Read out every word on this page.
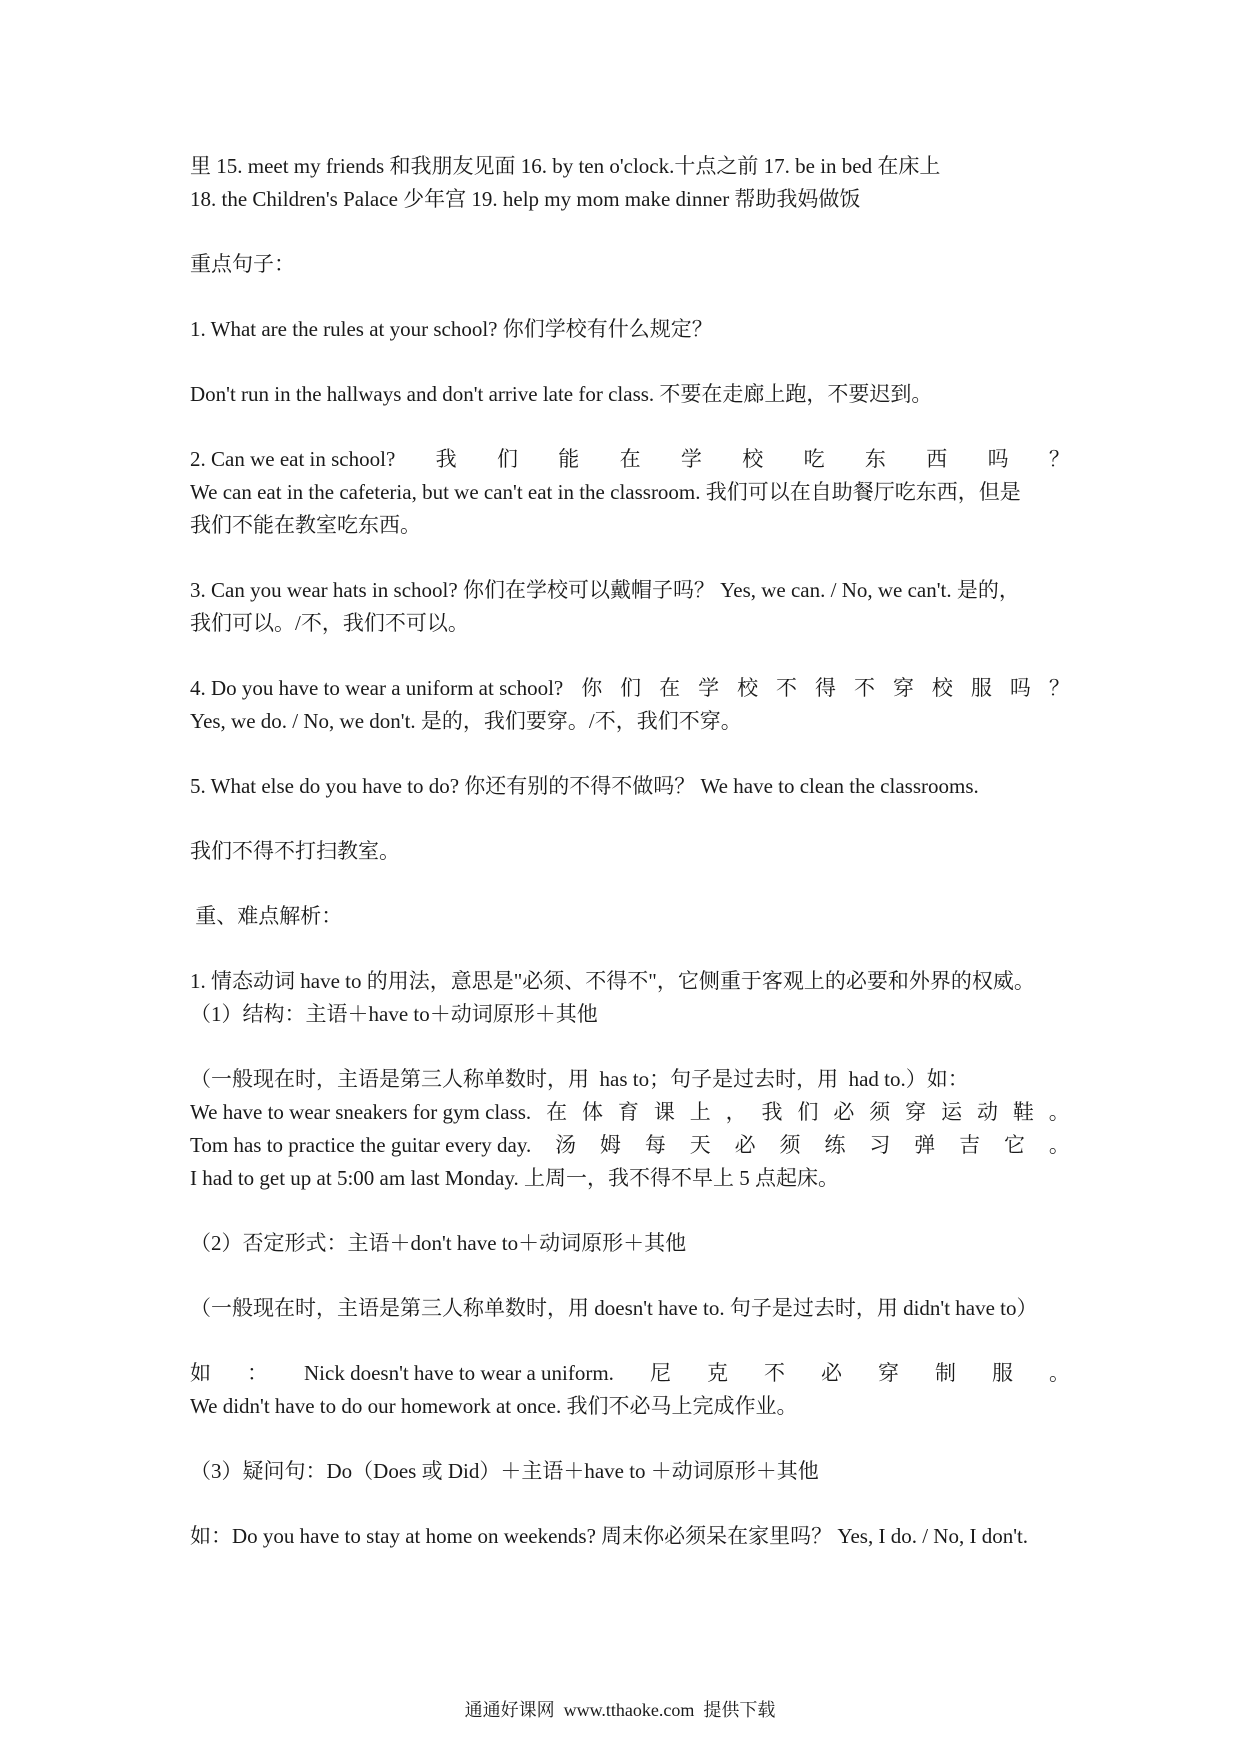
里 15. meet my friends 和我朋友见面 16. by ten o'clock.十点之前 17. be in bed 在床上
18. the Children's Palace 少年宫 19. help my mom make dinner 帮助我妈做饭
重点句子：
1. What are the rules at your school? 你们学校有什么规定？
Don't run in the hallways and don't arrive late for class. 不要在走廊上跑，不要迟到。
2. Can we eat in school? 我 们 能 在 学 校 吃 东 西 吗 ？
We can eat in the cafeteria, but we can't eat in the classroom. 我们可以在自助餐厅吃东西，但是
我们不能在教室吃东西。
3. Can you wear hats in school? 你们在学校可以戴帽子吗？ Yes, we can. / No, we can't. 是的，
我们可以。/不，我们不可以。
4. Do you have to wear a uniform at school? 你 们 在 学 校 不 得 不 穿 校 服 吗 ？
Yes, we do. / No, we don't. 是的，我们要穿。/不，我们不穿。
5. What else do you have to do? 你还有别的不得不做吗？ We have to clean the classrooms.
我们不得不打扫教室。
重、难点解析：
1. 情态动词 have to 的用法，意思是"必须、不得不"，它侧重于客观上的必要和外界的权威。
（1）结构：主语＋have to＋动词原形＋其他
（一般现在时，主语是第三人称单数时，用  has to；句子是过去时，用  had to.）如：
We have to wear sneakers for gym class. 在 体 育 课 上 ， 我 们 必 须 穿 运 动 鞋 。
Tom has to practice the guitar every day. 汤 姆 每 天 必 须 练 习 弹 吉 它 。
I had to get up at 5:00 am last Monday. 上周一，我不得不早上 5 点起床。
（2）否定形式：主语＋don't have to＋动词原形＋其他
（一般现在时，主语是第三人称单数时，用 doesn't have to. 句子是过去时，用 didn't have to）
如 ： Nick doesn't have to wear a uniform. 尼 克 不 必 穿 制 服 。
We didn't have to do our homework at once. 我们不必马上完成作业。
（3）疑问句：Do（Does 或 Did）＋主语＋have to ＋动词原形＋其他
如：Do you have to stay at home on weekends? 周末你必须呆在家里吗？ Yes, I do. / No, I don't.
通通好课网  www.tthaoke.com  提供下载
